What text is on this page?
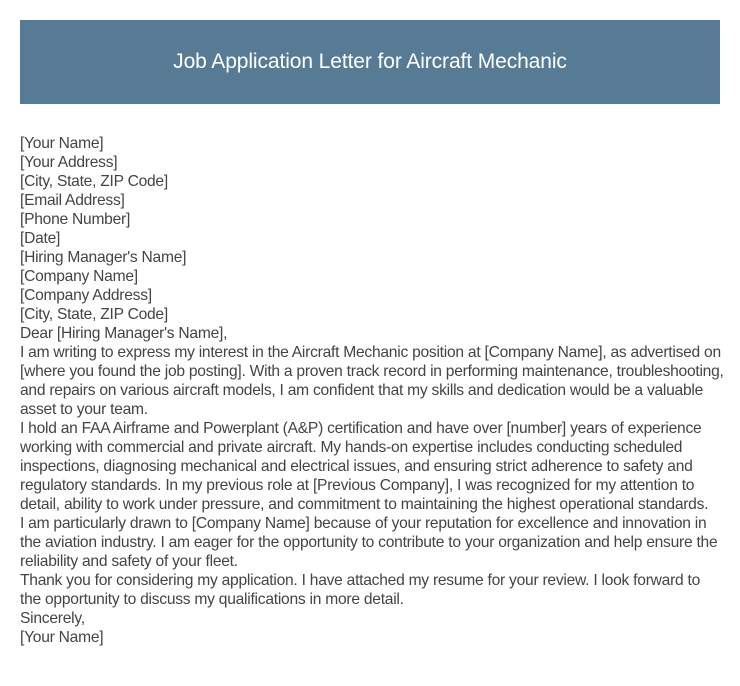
Job Application Letter for Aircraft Mechanic
[Your Name]
[Your Address]
[City, State, ZIP Code]
[Email Address]
[Phone Number]
[Date]
[Hiring Manager's Name]
[Company Name]
[Company Address]
[City, State, ZIP Code]
Dear [Hiring Manager's Name],

I am writing to express my interest in the Aircraft Mechanic position at [Company Name], as advertised on [where you found the job posting]. With a proven track record in performing maintenance, troubleshooting, and repairs on various aircraft models, I am confident that my skills and dedication would be a valuable asset to your team.

I hold an FAA Airframe and Powerplant (A&P) certification and have over [number] years of experience working with commercial and private aircraft. My hands-on expertise includes conducting scheduled inspections, diagnosing mechanical and electrical issues, and ensuring strict adherence to safety and regulatory standards. In my previous role at [Previous Company], I was recognized for my attention to detail, ability to work under pressure, and commitment to maintaining the highest operational standards.

I am particularly drawn to [Company Name] because of your reputation for excellence and innovation in the aviation industry. I am eager for the opportunity to contribute to your organization and help ensure the reliability and safety of your fleet.

Thank you for considering my application. I have attached my resume for your review. I look forward to the opportunity to discuss my qualifications in more detail.

Sincerely,
[Your Name]
